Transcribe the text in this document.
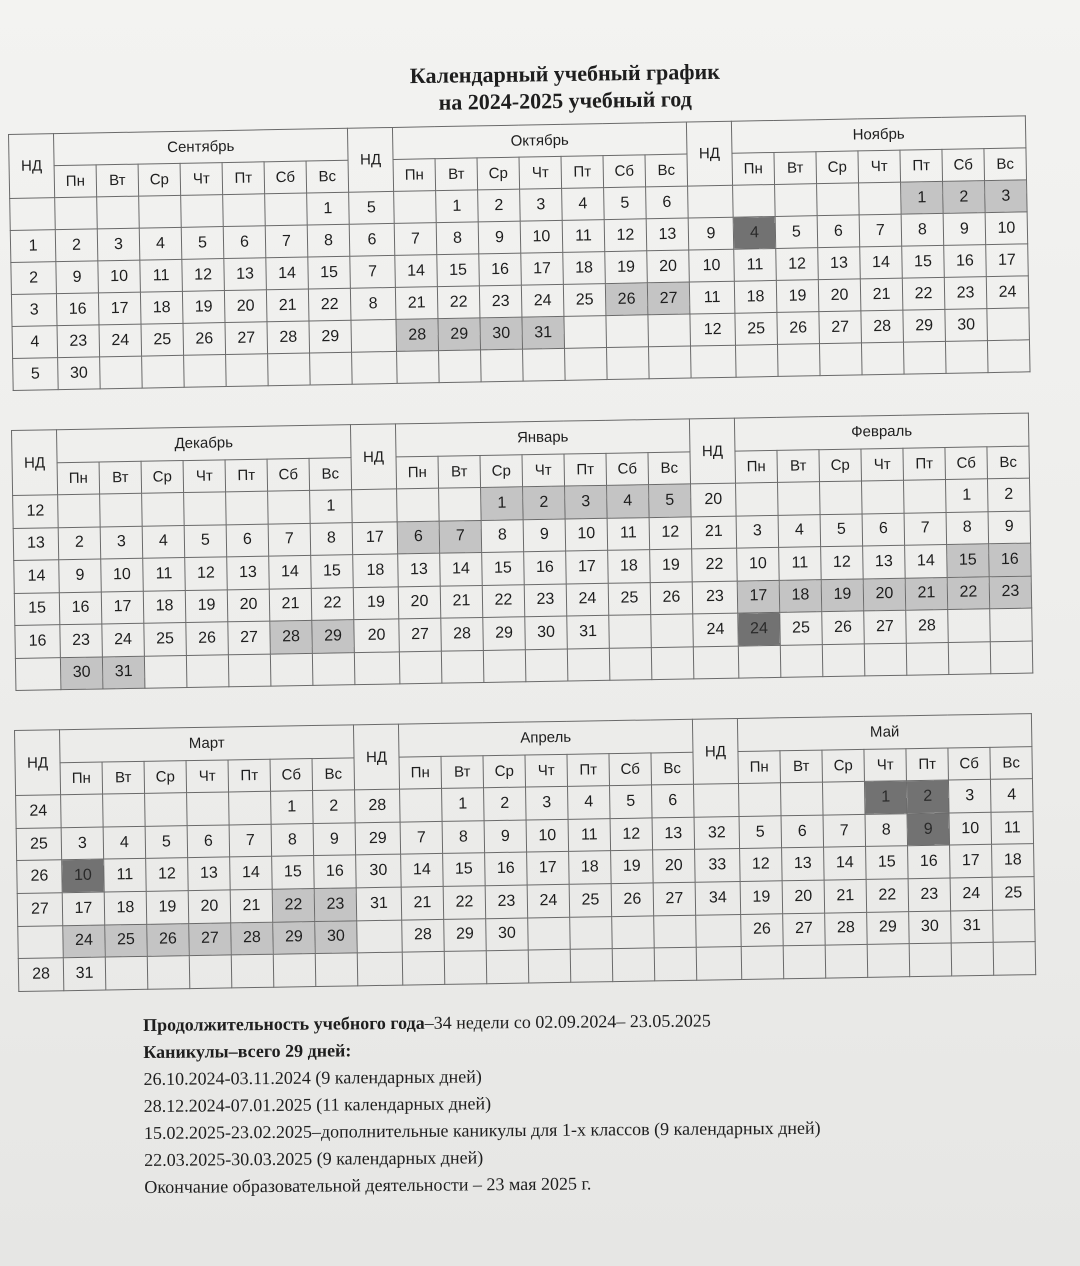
Календарный учебный график
на 2024-2025 учебный год
НД	Сентябрь							НД	Октябрь							НД	Ноябрь						
	Пн	Вт	Ср	Чт	Пт	Сб	Вс		Пн	Вт	Ср	Чт	Пт	Сб	Вс		Пн	Вт	Ср	Чт	Пт	Сб	Вс
							1	5		1	2	3	4	5	6						1	2	3
1	2	3	4	5	6	7	8	6	7	8	9	10	11	12	13	9	4	5	6	7	8	9	10
2	9	10	11	12	13	14	15	7	14	15	16	17	18	19	20	10	11	12	13	14	15	16	17
3	16	17	18	19	20	21	22	8	21	22	23	24	25	26	27	11	18	19	20	21	22	23	24
4	23	24	25	26	27	28	29		28	29	30	31				12	25	26	27	28	29	30	
5	30																						
НД	Декабрь							НД	Январь							НД	Февраль						
	Пн	Вт	Ср	Чт	Пт	Сб	Вс		Пн	Вт	Ср	Чт	Пт	Сб	Вс		Пн	Вт	Ср	Чт	Пт	Сб	Вс
12							1				1	2	3	4	5	20						1	2
13	2	3	4	5	6	7	8	17	6	7	8	9	10	11	12	21	3	4	5	6	7	8	9
14	9	10	11	12	13	14	15	18	13	14	15	16	17	18	19	22	10	11	12	13	14	15	16
15	16	17	18	19	20	21	22	19	20	21	22	23	24	25	26	23	17	18	19	20	21	22	23
16	23	24	25	26	27	28	29	20	27	28	29	30	31			24	24	25	26	27	28		
	30	31																					
НД	Март							НД	Апрель							НД	Май						
	Пн	Вт	Ср	Чт	Пт	Сб	Вс		Пн	Вт	Ср	Чт	Пт	Сб	Вс		Пн	Вт	Ср	Чт	Пт	Сб	Вс
24						1	2	28		1	2	3	4	5	6					1	2	3	4
25	3	4	5	6	7	8	9	29	7	8	9	10	11	12	13	32	5	6	7	8	9	10	11
26	10	11	12	13	14	15	16	30	14	15	16	17	18	19	20	33	12	13	14	15	16	17	18
27	17	18	19	20	21	22	23	31	21	22	23	24	25	26	27	34	19	20	21	22	23	24	25
	24	25	26	27	28	29	30		28	29	30						26	27	28	29	30	31	
28	31																						
Продолжительность учебного года–34 недели со 02.09.2024– 23.05.2025
Каникулы–всего 29 дней:
26.10.2024-03.11.2024 (9 календарных дней)
28.12.2024-07.01.2025 (11 календарных дней)
15.02.2025-23.02.2025–дополнительные каникулы для 1-х классов (9 календарных дней)
22.03.2025-30.03.2025 (9 календарных дней)
Окончание образовательной деятельности – 23 мая 2025 г.
